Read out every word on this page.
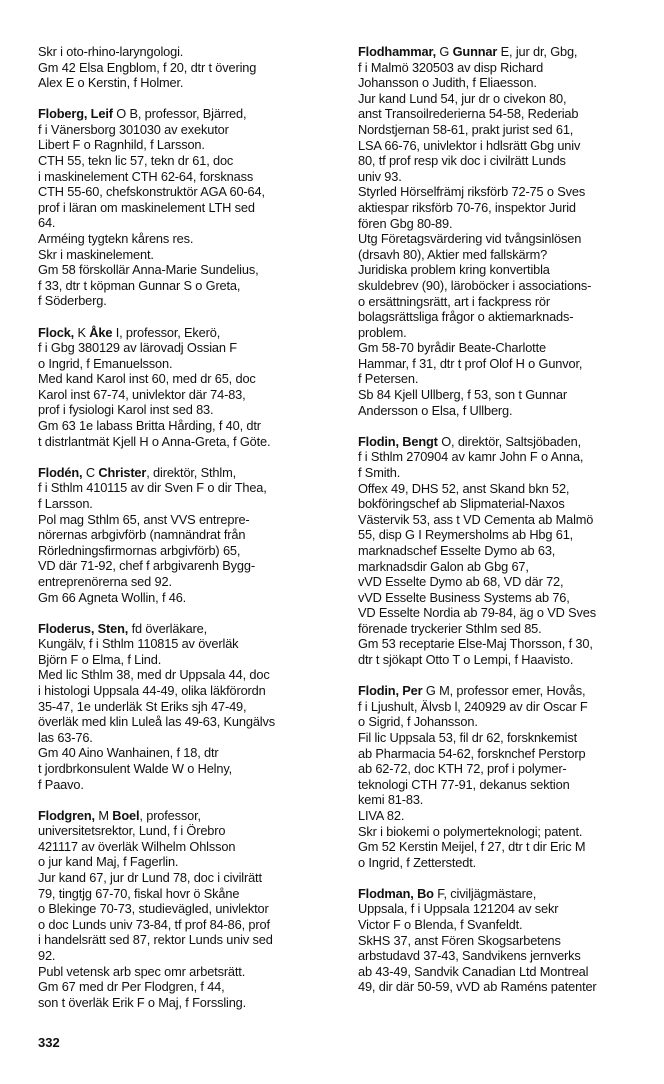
Skr i oto-rhino-laryngologi.
Gm 42 Elsa Engblom, f 20, dtr t övering
Alex E o Kerstin, f Holmer.
Floberg, Leif O B, professor, Bjärred,
f i Vänersborg 301030 av exekutor
Libert F o Ragnhild, f Larsson.
CTH 55, tekn lic 57, tekn dr 61, doc
i maskinelement CTH 62-64, forsknass
CTH 55-60, chefskonstruktör AGA 60-64,
prof i läran om maskinelement LTH sed
64.
Arméing tygtekn kårens res.
Skr i maskinelement.
Gm 58 förskollär Anna-Marie Sundelius,
f 33, dtr t köpman Gunnar S o Greta,
f Söderberg.
Flock, K Åke I, professor, Ekerö,
f i Gbg 380129 av lärovadj Ossian F
o Ingrid, f Emanuelsson.
Med kand Karol inst 60, med dr 65, doc
Karol inst 67-74, univlektor där 74-83,
prof i fysiologi Karol inst sed 83.
Gm 63 1e labass Britta Hårding, f 40, dtr
t distrlantmät Kjell H o Anna-Greta, f Göte.
Flodén, C Christer, direktör, Sthlm,
f i Sthlm 410115 av dir Sven F o dir Thea,
f Larsson.
Pol mag Sthlm 65, anst VVS entrepre-
nörernas arbgivförb (namnändrat från
Rörledningsfirmornas arbgivförb) 65,
VD där 71-92, chef f arbgivarenh Bygg-
entreprenörerna sed 92.
Gm 66 Agneta Wollin, f 46.
Floderus, Sten, fd överläkare,
Kungälv, f i Sthlm 110815 av överläk
Björn F o Elma, f Lind.
Med lic Sthlm 38, med dr Uppsala 44, doc
i histologi Uppsala 44-49, olika läkförordn
35-47, 1e underläk St Eriks sjh 47-49,
överläk med klin Luleå las 49-63, Kungälvs
las 63-76.
Gm 40 Aino Wanhainen, f 18, dtr
t jordbrkonsulent Walde W o Helny,
f Paavo.
Flodgren, M Boel, professor,
universitetsrektor, Lund, f i Örebro
421117 av överläk Wilhelm Ohlsson
o jur kand Maj, f Fagerlin.
Jur kand 67, jur dr Lund 78, doc i civilrätt
79, tingtjg 67-70, fiskal hovr ö Skåne
o Blekinge 70-73, studievägled, univlektor
o doc Lunds univ 73-84, tf prof 84-86, prof
i handelsrätt sed 87, rektor Lunds univ sed
92.
Publ vetensk arb spec omr arbetsrätt.
Gm 67 med dr Per Flodgren, f 44,
son t överläk Erik F o Maj, f Forssling.
Flodhammar, G Gunnar E, jur dr, Gbg,
f i Malmö 320503 av disp Richard
Johansson o Judith, f Eliaesson.
Jur kand Lund 54, jur dr o civekon 80,
anst Transoilrederierna 54-58, Rederiab
Nordstjernan 58-61, prakt jurist sed 61,
LSA 66-76, univlektor i hdlsrätt Gbg univ
80, tf prof resp vik doc i civilrätt Lunds
univ 93.
Styrled Hörselfrämj riksförb 72-75 o Sves
aktiespar riksförb 70-76, inspektor Jurid
fören Gbg 80-89.
Utg Företagsvärdering vid tvångsinlösen
(drsavh 80), Aktier med fallskärm?
Juridiska problem kring konvertibla
skuldebrev (90), läroböcker i associations-
o ersättningsrätt, art i fackpress rör
bolagsrättsliga frågor o aktiemarknads-
problem.
Gm 58-70 byrådir Beate-Charlotte
Hammar, f 31, dtr t prof Olof H o Gunvor,
f Petersen.
Sb 84 Kjell Ullberg, f 53, son t Gunnar
Andersson o Elsa, f Ullberg.
Flodin, Bengt O, direktör, Saltsjöbaden,
f i Sthlm 270904 av kamr John F o Anna,
f Smith.
Offex 49, DHS 52, anst Skand bkn 52,
bokföringschef ab Slipmaterial-Naxos
Västervik 53, ass t VD Cementa ab Malmö
55, disp G I Reymersholms ab Hbg 61,
marknadschef Esselte Dymo ab 63,
marknadsdir Galon ab Gbg 67,
vVD Esselte Dymo ab 68, VD där 72,
vVD Esselte Business Systems ab 76,
VD Esselte Nordia ab 79-84, äg o VD Sves
förenade tryckerier Sthlm sed 85.
Gm 53 receptarie Else-Maj Thorsson, f 30,
dtr t sjökapt Otto T o Lempi, f Haavisto.
Flodin, Per G M, professor emer, Hovås,
f i Ljushult, Älvsb l, 240929 av dir Oscar F
o Sigrid, f Johansson.
Fil lic Uppsala 53, fil dr 62, forsknkemist
ab Pharmacia 54-62, forsknchef Perstorp
ab 62-72, doc KTH 72, prof i polymer-
teknologi CTH 77-91, dekanus sektion
kemi 81-83.
LIVA 82.
Skr i biokemi o polymerteknologi; patent.
Gm 52 Kerstin Meijel, f 27, dtr t dir Eric M
o Ingrid, f Zetterstedt.
Flodman, Bo F, civiljägmästare,
Uppsala, f i Uppsala 121204 av sekr
Victor F o Blenda, f Svanfeldt.
SkHS 37, anst Fören Skogsarbetens
arbstudavd 37-43, Sandvikens jernverks
ab 43-49, Sandvik Canadian Ltd Montreal
49, dir där 50-59, vVD ab Raméns patenter
332
